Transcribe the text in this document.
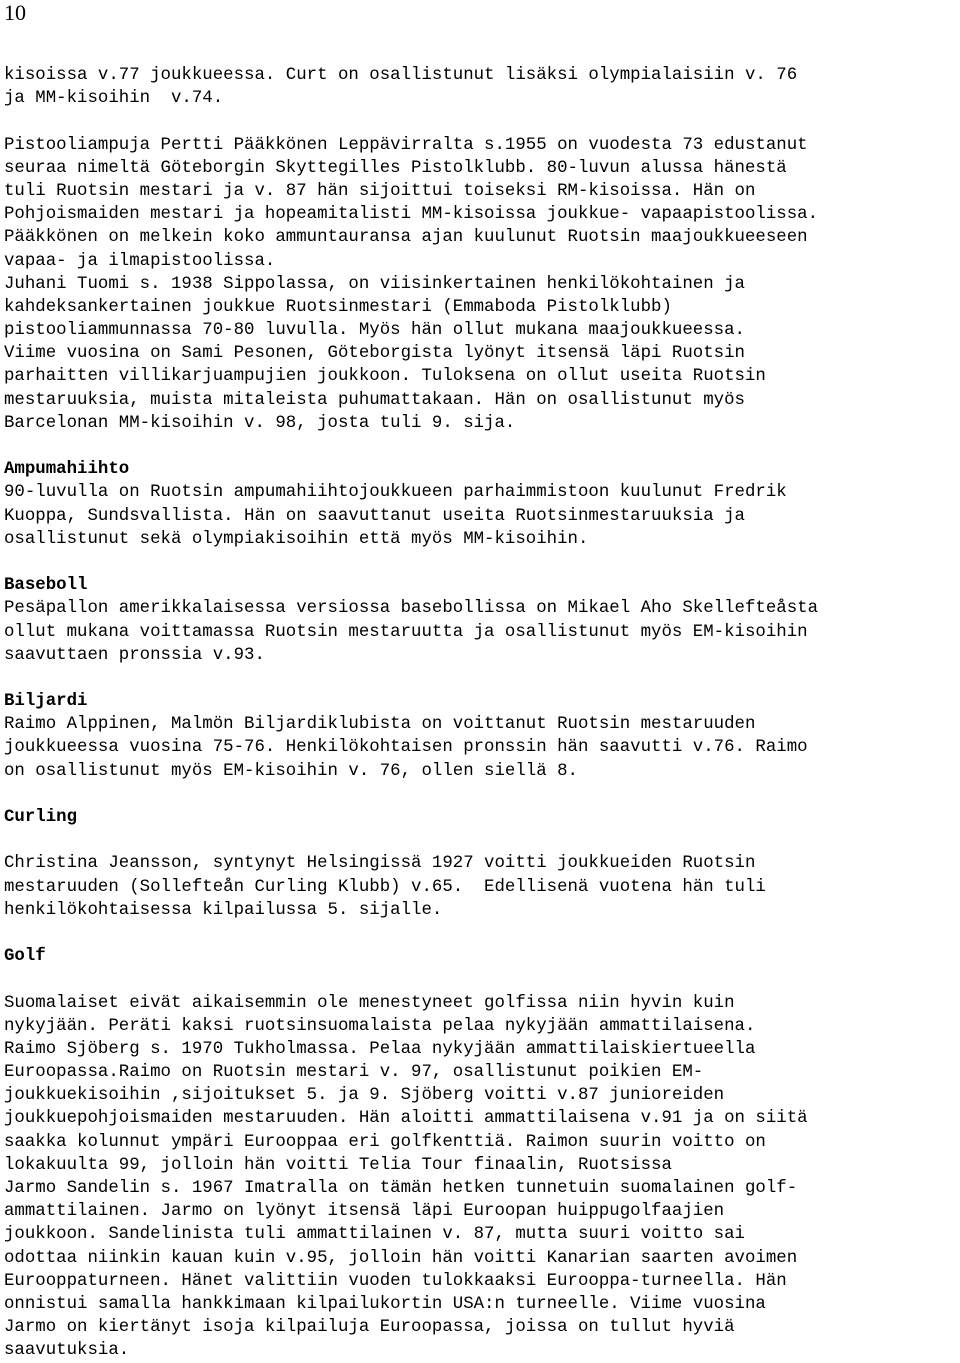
10
kisoissa v.77 joukkueessa. Curt on osallistunut lisäksi olympialaisiin v. 76
ja MM-kisoihin  v.74.
Pistooliampuja Pertti Pääkkönen Leppävirralta s.1955 on vuodesta 73 edustanut
seuraa nimeltä Göteborgin Skyttegilles Pistolklubb. 80-luvun alussa hänestä
tuli Ruotsin mestari ja v. 87 hän sijoittui toiseksi RM-kisoissa. Hän on
Pohjoismaiden mestari ja hopeamitalisti MM-kisoissa joukkue- vapaapistoolissa.
Pääkkönen on melkein koko ammuntauransa ajan kuulunut Ruotsin maajoukkueeseen
vapaa- ja ilmapistoolissa.
Juhani Tuomi s. 1938 Sippolassa, on viisinkertainen henkilökohtainen ja
kahdeksankertainen joukkue Ruotsinmestari (Emmaboda Pistolklubb)
pistooliammunnassa 70-80 luvulla. Myös hän ollut mukana maajoukkueessa.
Viime vuosina on Sami Pesonen, Göteborgista lyönyt itsensä läpi Ruotsin
parhaitten villikarjuampujien joukkoon. Tuloksena on ollut useita Ruotsin
mestaruuksia, muista mitaleista puhumattakaan. Hän on osallistunut myös
Barcelonan MM-kisoihin v. 98, josta tuli 9. sija.
Ampumahiihto
90-luvulla on Ruotsin ampumahiihtojoukkueen parhaimmistoon kuulunut Fredrik
Kuoppa, Sundsvallista. Hän on saavuttanut useita Ruotsinmestaruuksia ja
osallistunut sekä olympiakisoihin että myös MM-kisoihin.
Baseboll
Pesäpallon amerikkalaisessa versiossa basebollissa on Mikael Aho Skellefteåsta
ollut mukana voittamassa Ruotsin mestaruutta ja osallistunut myös EM-kisoihin
saavuttaen pronssia v.93.
Biljardi
Raimo Alppinen, Malmön Biljardiklubista on voittanut Ruotsin mestaruuden
joukkueessa vuosina 75-76. Henkilökohtaisen pronssin hän saavutti v.76. Raimo
on osallistunut myös EM-kisoihin v. 76, ollen siellä 8.
Curling
Christina Jeansson, syntynyt Helsingissä 1927 voitti joukkueiden Ruotsin
mestaruuden (Sollefteån Curling Klubb) v.65.  Edellisenä vuotena hän tuli
henkilökohtaisessa kilpailussa 5. sijalle.
Golf
Suomalaiset eivät aikaisemmin ole menestyneet golfissa niin hyvin kuin
nykyjään. Peräti kaksi ruotsinsuomalaista pelaa nykyjään ammattilaisena.
Raimo Sjöberg s. 1970 Tukholmassa. Pelaa nykyjään ammattilaiskiertueella
Euroopassa.Raimo on Ruotsin mestari v. 97, osallistunut poikien EM-
joukkuekisoihin ,sijoitukset 5. ja 9. Sjöberg voitti v.87 junioreiden
joukkuepohjoismaiden mestaruuden. Hän aloitti ammattilaisena v.91 ja on siitä
saakka kolunnut ympäri Eurooppaa eri golfkenttiä. Raimon suurin voitto on
lokakuulta 99, jolloin hän voitti Telia Tour finaalin, Ruotsissa
Jarmo Sandelin s. 1967 Imatralla on tämän hetken tunnetuin suomalainen golf-
ammattilainen. Jarmo on lyönyt itsensä läpi Euroopan huippugolfaajien
joukkoon. Sandelinista tuli ammattilainen v. 87, mutta suuri voitto sai
odottaa niinkin kauan kuin v.95, jolloin hän voitti Kanarian saarten avoimen
Eurooppaturneen. Hänet valittiin vuoden tulokkaaksi Eurooppa-turneella. Hän
onnistui samalla hankkimaan kilpailukortin USA:n turneelle. Viime vuosina
Jarmo on kiertänyt isoja kilpailuja Euroopassa, joissa on tullut hyviä
saavutuksia.
